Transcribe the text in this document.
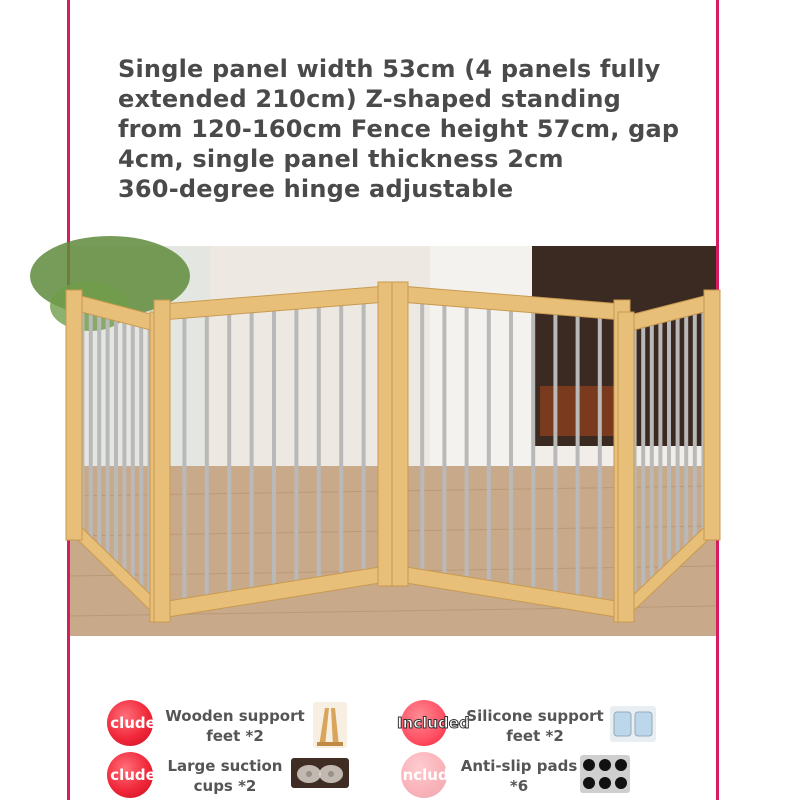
Single panel width 53cm (4 panels fully
extended 210cm) Z-shaped standing
from 120-160cm Fence height 57cm, gap
4cm, single panel thickness 2cm
360-degree hinge adjustable
clude Wooden support
feet *2
Included
Silicone support
feet *2
clude Large suction
cups *2
Included
Anti-slip pads
*6
